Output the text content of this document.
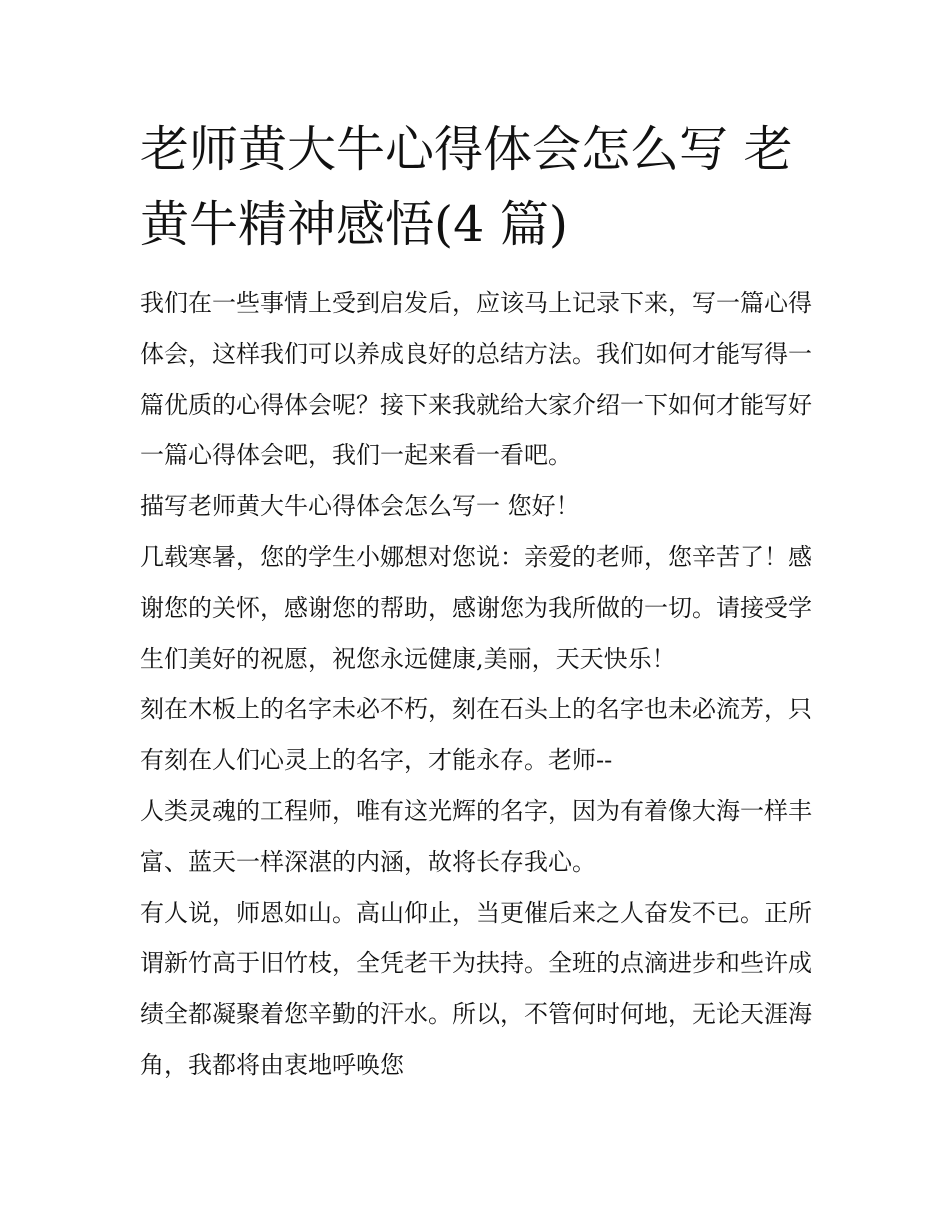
老师黄大牛心得体会怎么写 老黄牛精神感悟(4 篇)

我们在一些事情上受到启发后，应该马上记录下来，写一篇心得体会，这样我们可以养成良好的总结方法。我们如何才能写得一篇优质的心得体会呢？接下来我就给大家介绍一下如何才能写好一篇心得体会吧，我们一起来看一看吧。

描写老师黄大牛心得体会怎么写一 您好！

几载寒暑，您的学生小娜想对您说：亲爱的老师，您辛苦了！感谢您的关怀，感谢您的帮助，感谢您为我所做的一切。请接受学生们美好的祝愿，祝您永远健康,美丽，天天快乐！

刻在木板上的名字未必不朽，刻在石头上的名字也未必流芳，只有刻在人们心灵上的名字，才能永存。老师--

人类灵魂的工程师，唯有这光辉的名字，因为有着像大海一样丰富、蓝天一样深湛的内涵，故将长存我心。

有人说，师恩如山。高山仰止，当更催后来之人奋发不已。正所谓新竹高于旧竹枝，全凭老干为扶持。全班的点滴进步和些许成绩全都凝聚着您辛勤的汗水。所以，不管何时何地，无论天涯海角，我都将由衷地呼唤您
